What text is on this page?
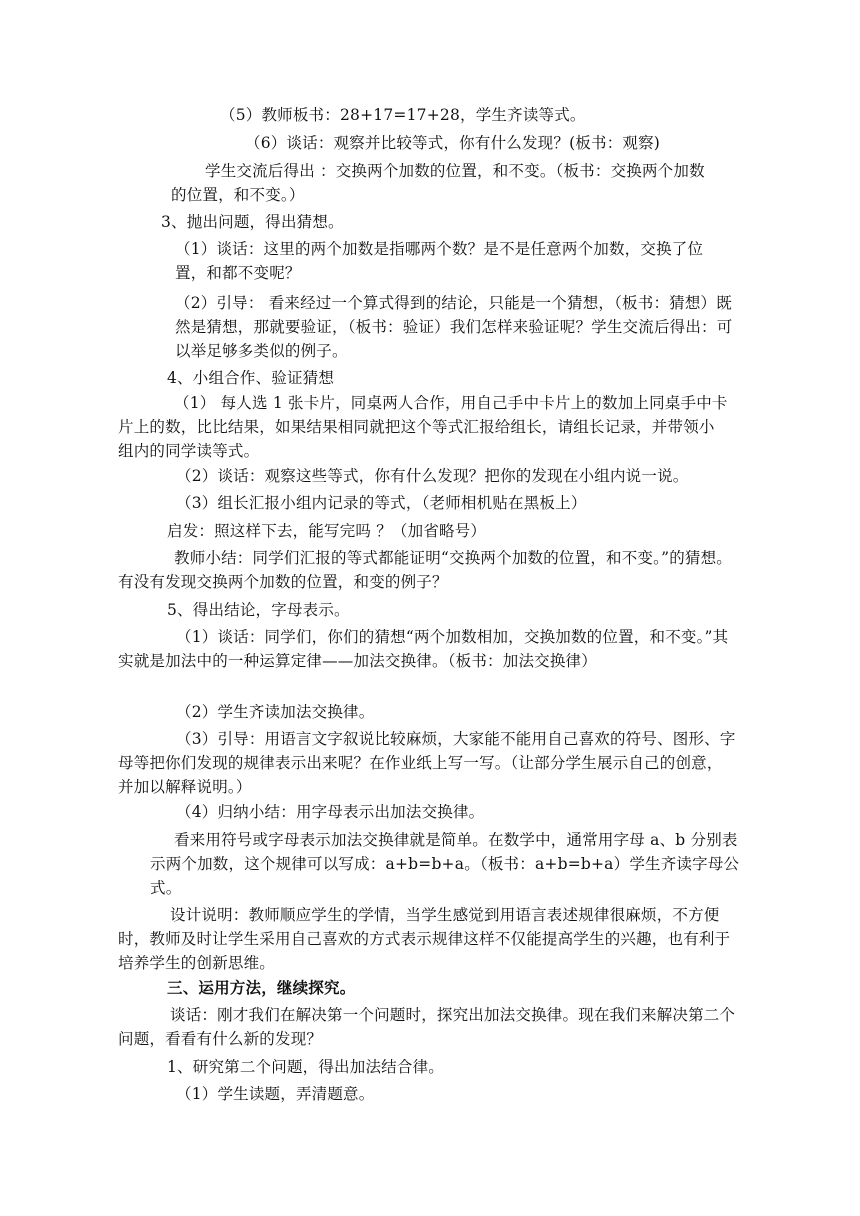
（5）教师板书：28+17=17+28，学生齐读等式。

（6）谈话：观察并比较等式，你有什么发现？(板书：观察)

学生交流后得出 ：交换两个加数的位置，和不变。（板书：交换两个加数的位置，和不变。）

3、抛出问题，得出猜想。

（1）谈话：这里的两个加数是指哪两个数？是不是任意两个加数，交换了位置，和都不变呢？

（2）引导： 看来经过一个算式得到的结论，只能是一个猜想，（板书：猜想）既然是猜想，那就要验证，（板书：验证）我们怎样来验证呢？学生交流后得出：可以举足够多类似的例子。

4、小组合作、验证猜想

（1） 每人选 1 张卡片，同桌两人合作，用自己手中卡片上的数加上同桌手中卡片上的数，比比结果，如果结果相同就把这个等式汇报给组长，请组长记录，并带领小组内的同学读等式。

（2）谈话：观察这些等式，你有什么发现？把你的发现在小组内说一说。

（3）组长汇报小组内记录的等式，（老师相机贴在黑板上）

启发：照这样下去，能写完吗 ？（加省略号）

教师小结：同学们汇报的等式都能证明“交换两个加数的位置，和不变。”的猜想。有没有发现交换两个加数的位置，和变的例子？

5、得出结论，字母表示。

（1）谈话：同学们，你们的猜想“两个加数相加，交换加数的位置，和不变。”其实就是加法中的一种运算定律——加法交换律。（板书：加法交换律）

（2）学生齐读加法交换律。

（3）引导：用语言文字叙说比较麻烦，大家能不能用自己喜欢的符号、图形、字母等把你们发现的规律表示出来呢？在作业纸上写一写。（让部分学生展示自己的创意，并加以解释说明。）

（4）归纳小结：用字母表示出加法交换律。

看来用符号或字母表示加法交换律就是简单。在数学中，通常用字母 a、b 分别表示两个加数，这个规律可以写成：a+b=b+a。（板书：a+b=b+a）学生齐读字母公式。

设计说明：教师顺应学生的学情，当学生感觉到用语言表述规律很麻烦，不方便时，教师及时让学生采用自己喜欢的方式表示规律这样不仅能提高学生的兴趣，也有利于培养学生的创新思维。

三、运用方法，继续探究。

谈话：刚才我们在解决第一个问题时，探究出加法交换律。现在我们来解决第二个问题，看看有什么新的发现？

1、研究第二个问题，得出加法结合律。

（1）学生读题，弄清题意。
